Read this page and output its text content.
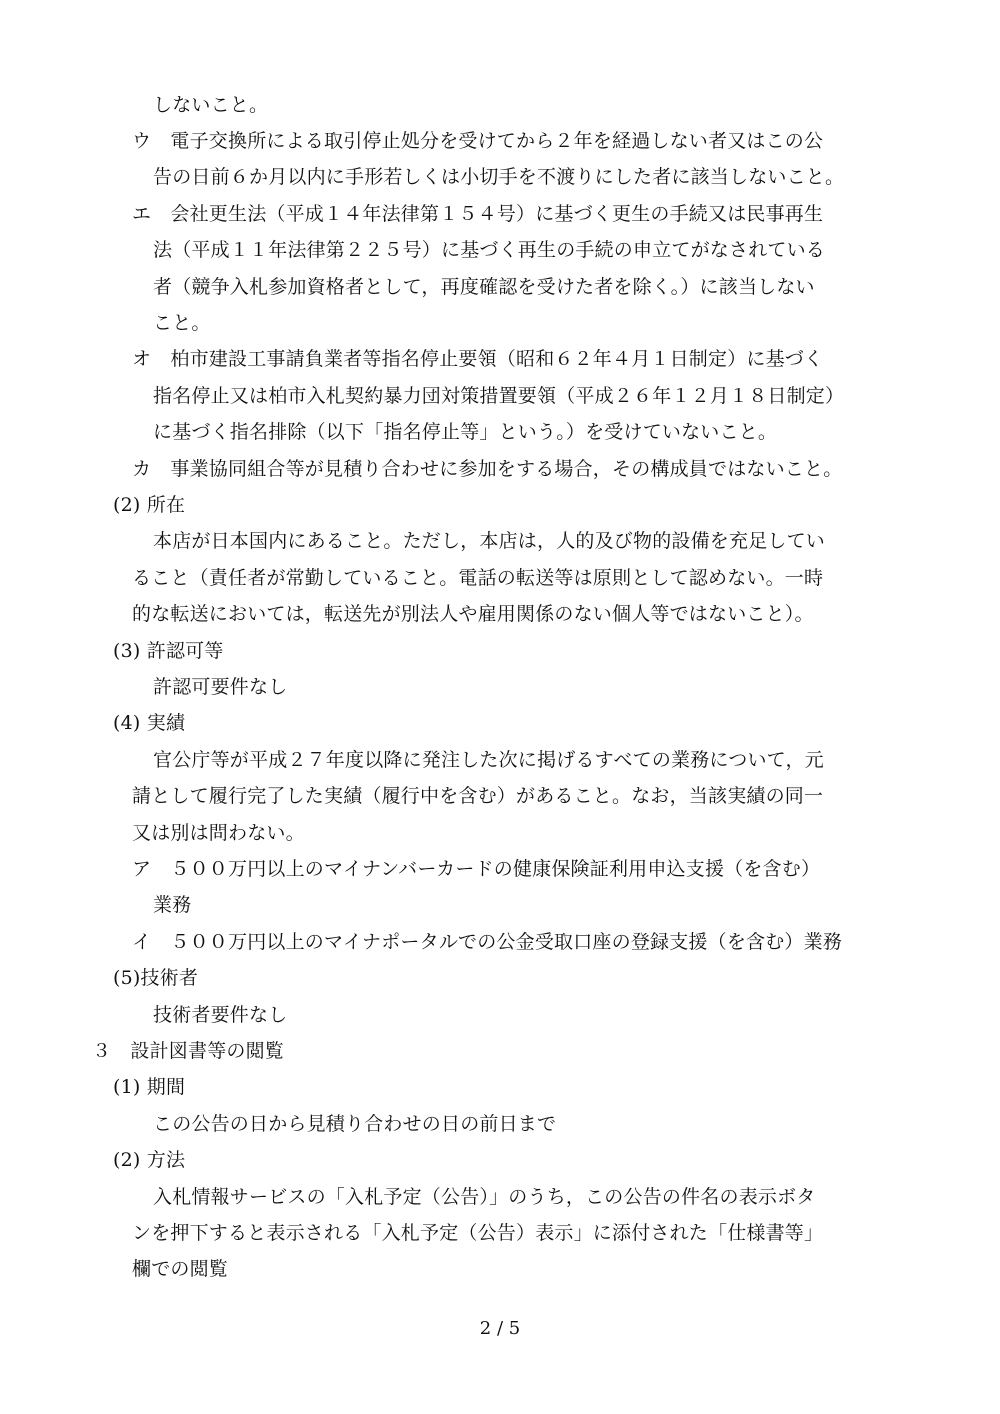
しないこと。
ウ　電子交換所による取引停止処分を受けてから２年を経過しない者又はこの公
告の日前６か月以内に手形若しくは小切手を不渡りにした者に該当しないこと。
エ　会社更生法（平成１４年法律第１５４号）に基づく更生の手続又は民事再生
法（平成１１年法律第２２５号）に基づく再生の手続の申立てがなされている
者（競争入札参加資格者として，再度確認を受けた者を除く。）に該当しない
こと。
オ　柏市建設工事請負業者等指名停止要領（昭和６２年４月１日制定）に基づく
指名停止又は柏市入札契約暴力団対策措置要領（平成２６年１２月１８日制定）
に基づく指名排除（以下「指名停止等」という。）を受けていないこと。
カ　事業協同組合等が見積り合わせに参加をする場合，その構成員ではないこと。
(2) 所在
本店が日本国内にあること。ただし，本店は，人的及び物的設備を充足してい
ること（責任者が常勤していること。電話の転送等は原則として認めない。一時
的な転送においては，転送先が別法人や雇用関係のない個人等ではないこと）。
(3) 許認可等
許認可要件なし
(4) 実績
官公庁等が平成２７年度以降に発注した次に掲げるすべての業務について，元
請として履行完了した実績（履行中を含む）があること。なお，当該実績の同一
又は別は問わない。
ア　５００万円以上のマイナンバーカードの健康保険証利用申込支援（を含む）
業務
イ　５００万円以上のマイナポータルでの公金受取口座の登録支援（を含む）業務
(5)技術者
技術者要件なし
３　設計図書等の閲覧
(1) 期間
この公告の日から見積り合わせの日の前日まで
(2) 方法
入札情報サービスの「入札予定（公告）」のうち，この公告の件名の表示ボタ
ンを押下すると表示される「入札予定（公告）表示」に添付された「仕様書等」
欄での閲覧
2 / 5
